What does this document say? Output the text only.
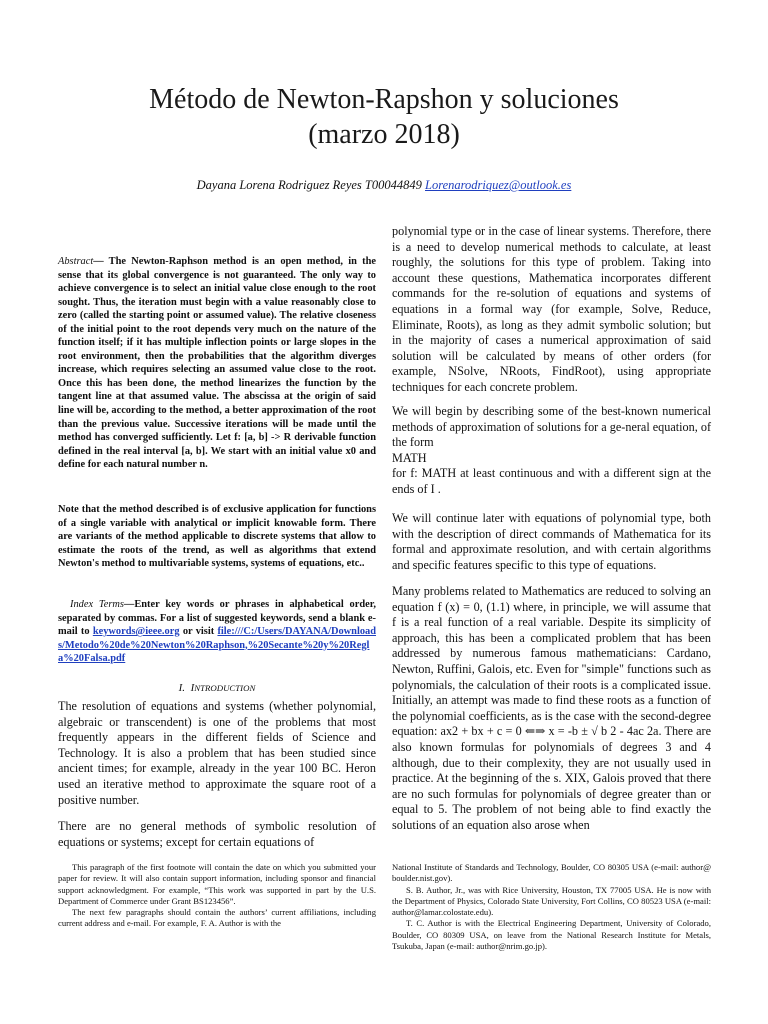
Método de Newton-Rapshon y soluciones
(marzo 2018)
Dayana Lorena Rodriguez Reyes T00044849 Lorenarodriquez@outlook.es

Abstract— The Newton-Raphson method is an open method, in the sense that its global convergence is not guaranteed. The only way to achieve convergence is to select an initial value close enough to the root sought. Thus, the iteration must begin with a value reasonably close to zero (called the starting point or assumed value). The relative closeness of the initial point to the root depends very much on the nature of the function itself; if it has multiple inflection points or large slopes in the root environment, then the probabilities that the algorithm diverges increase, which requires selecting an assumed value close to the root. Once this has been done, the method linearizes the function by the tangent line at that assumed value. The abscissa at the origin of said line will be, according to the method, a better approximation of the root than the previous value. Successive iterations will be made until the method has converged sufficiently. Let f: [a, b] -> R derivable function defined in the real interval [a, b]. We start with an initial value x0 and define for each natural number n.

Note that the method described is of exclusive application for functions of a single variable with analytical or implicit knowable form. There are variants of the method applicable to discrete systems that allow to estimate the roots of the trend, as well as algorithms that extend Newton's method to multivariable systems, systems of equations, etc..

Index Terms—Enter key words or phrases in alphabetical order, separated by commas. For a list of suggested keywords, send a blank e-mail to keywords@ieee.org or visit file:///C:/Users/DAYANA/Downloads/Metodo%20de%20Newton%20Raphson,%20Secante%20y%20Regla%20Falsa.pdf

I. INTRODUCTION

The resolution of equations and systems (whether polynomial, algebraic or transcendent) is one of the problems that most frequently appears in the different fields of Science and Technology. It is also a problem that has been studied since ancient times; for example, already in the year 100 BC. Heron used an iterative method to approximate the square root of a positive number.

There are no general methods of symbolic resolution of equations or systems; except for certain equations of

polynomial type or in the case of linear systems. Therefore, there is a need to develop numerical methods to calculate, at least roughly, the solutions for this type of problem. Taking into account these questions, Mathematica incorporates different commands for the re-solution of equations and systems of equations in a formal way (for example, Solve, Reduce, Eliminate, Roots), as long as they admit symbolic solution; but in the majority of cases a numerical approximation of said solution will be calculated by means of other orders (for example, NSolve, NRoots, FindRoot), using appropriate techniques for each concrete problem.

We will begin by describing some of the best-known numerical methods of approximation of solutions for a ge-neral equation, of the form

MATH

for f: MATH at least continuous and with a different sign at the ends of I .

We will continue later with equations of polynomial type, both with the description of direct commands of Mathematica for its formal and approximate resolution, and with certain algorithms and specific features specific to this type of equations.

Many problems related to Mathematics are reduced to solving an equation f (x) = 0, (1.1) where, in principle, we will assume that f is a real function of a real variable. Despite its simplicity of approach, this has been a complicated problem that has been addressed by numerous famous mathematicians: Cardano, Newton, Ruffini, Galois, etc. Even for "simple" functions such as polynomials, the calculation of their roots is a complicated issue. Initially, an attempt was made to find these roots as a function of the polynomial coefficients, as is the case with the second-degree equation: ax2 + bx + c = 0 ⇐⇒ x = -b ± √ b 2 - 4ac 2a. There are also known formulas for polynomials of degrees 3 and 4 although, due to their complexity, they are not usually used in practice. At the beginning of the s. XIX, Galois proved that there are no such formulas for polynomials of degree greater than or equal to 5. The problem of not being able to find exactly the solutions of an equation also arose when

This paragraph of the first footnote will contain the date on which you submitted your paper for review. It will also contain support information, including sponsor and financial support acknowledgment. For example, “This work was supported in part by the U.S. Department of Commerce under Grant BS123456”.

The next few paragraphs should contain the authors’ current affiliations, including current address and e-mail. For example, F. A. Author is with the

National Institute of Standards and Technology, Boulder, CO 80305 USA (e-mail: author@ boulder.nist.gov).

S. B. Author, Jr., was with Rice University, Houston, TX 77005 USA. He is now with the Department of Physics, Colorado State University, Fort Collins, CO 80523 USA (e-mail: author@lamar.colostate.edu).

T. C. Author is with the Electrical Engineering Department, University of Colorado, Boulder, CO 80309 USA, on leave from the National Research Institute for Metals, Tsukuba, Japan (e-mail: author@nrim.go.jp).
